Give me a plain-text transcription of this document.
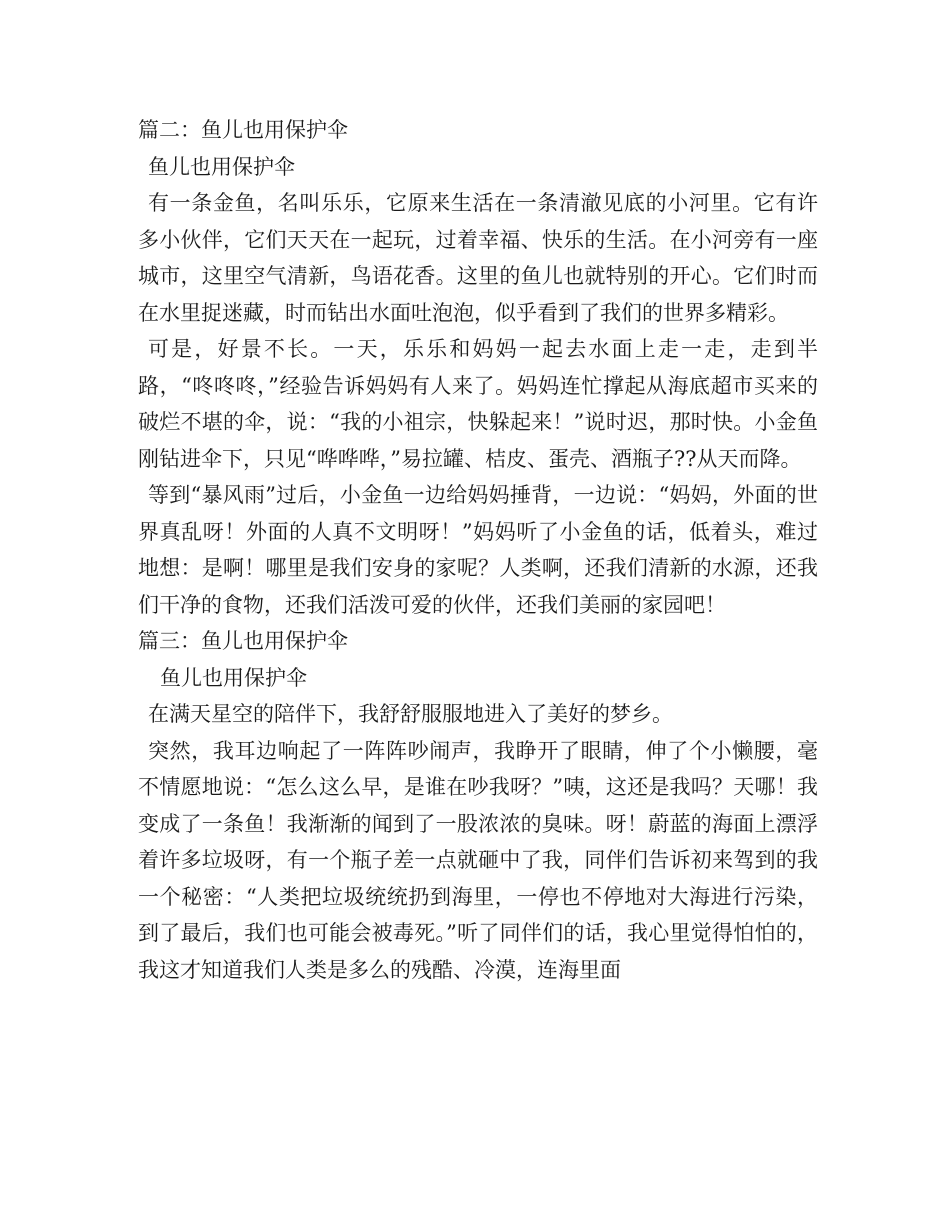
篇二：鱼儿也用保护伞

鱼儿也用保护伞

有一条金鱼，名叫乐乐，它原来生活在一条清澈见底的小河里。它有许多小伙伴，它们天天在一起玩，过着幸福、快乐的生活。在小河旁有一座城市，这里空气清新，鸟语花香。这里的鱼儿也就特别的开心。它们时而在水里捉迷藏，时而钻出水面吐泡泡，似乎看到了我们的世界多精彩。

可是，好景不长。一天，乐乐和妈妈一起去水面上走一走，走到半路，“咚咚咚，”经验告诉妈妈有人来了。妈妈连忙撑起从海底超市买来的破烂不堪的伞，说：“我的小祖宗，快躲起来！”说时迟，那时快。小金鱼刚钻进伞下，只见“哗哗哗，”易拉罐、桔皮、蛋壳、酒瓶子??从天而降。

等到“暴风雨”过后，小金鱼一边给妈妈捶背，一边说：“妈妈，外面的世界真乱呀！外面的人真不文明呀！”妈妈听了小金鱼的话，低着头，难过地想：是啊！哪里是我们安身的家呢？人类啊，还我们清新的水源，还我们干净的食物，还我们活泼可爱的伙伴，还我们美丽的家园吧！

篇三：鱼儿也用保护伞

鱼儿也用保护伞

在满天星空的陪伴下，我舒舒服服地进入了美好的梦乡。

突然，我耳边响起了一阵阵吵闹声，我睁开了眼睛，伸了个小懒腰，毫不情愿地说：“怎么这么早，是谁在吵我呀？”咦，这还是我吗？天哪！我变成了一条鱼！我渐渐的闻到了一股浓浓的臭味。呀！蔚蓝的海面上漂浮着许多垃圾呀，有一个瓶子差一点就砸中了我，同伴们告诉初来驾到的我一个秘密：“人类把垃圾统统扔到海里，一停也不停地对大海进行污染，到了最后，我们也可能会被毒死。”听了同伴们的话，我心里觉得怕怕的，我这才知道我们人类是多么的残酷、冷漠，连海里面
